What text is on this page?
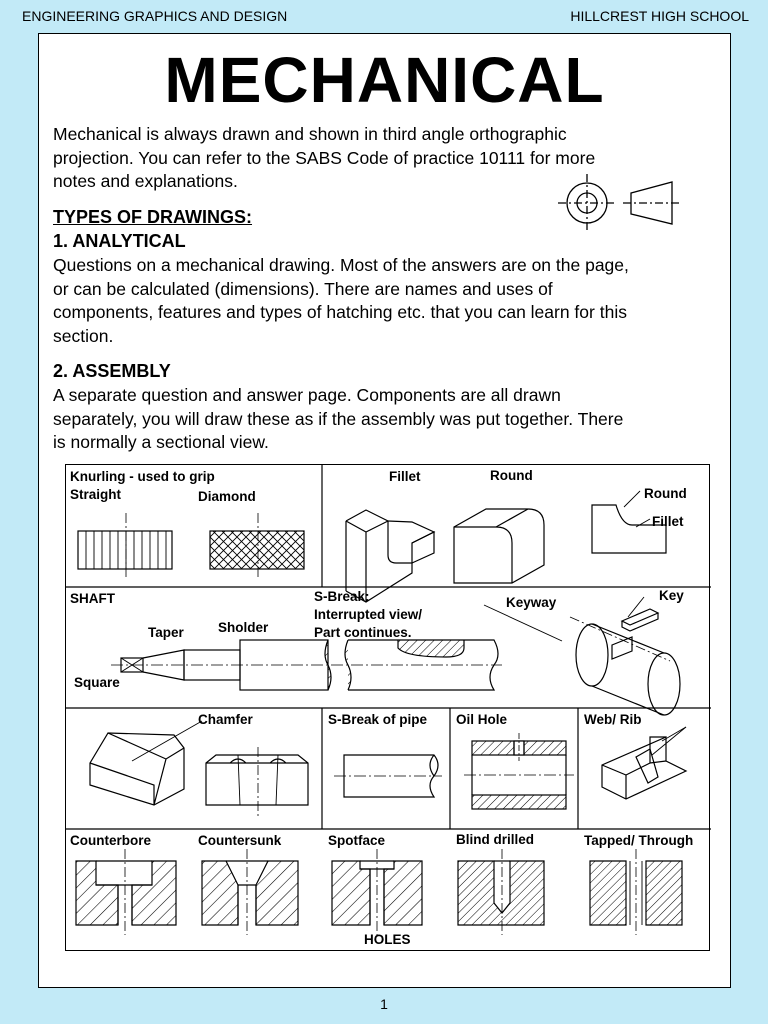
ENGINEERING GRAPHICS AND DESIGN	HILLCREST HIGH SCHOOL
MECHANICAL
Mechanical is always drawn and shown in third angle orthographic
projection. You can refer to the SABS Code of practice 10111 for more
notes and explanations.
TYPES OF DRAWINGS:
1. ANALYTICAL
Questions on a mechanical drawing. Most of the answers are on the page,
or can be calculated (dimensions). There are names and uses of
components, features and types of hatching etc. that you can learn for this
section.
2. ASSEMBLY
A separate question and answer page. Components are all drawn
separately, you will draw these as if the assembly was put together. There
is normally a sectional view.
Knurling - used to grip
Straight	Diamond
Fillet	Round
Round
Fillet
SHAFT
Taper	Sholder
Square
S-Break:
Interrupted view/
Part continues.
Keyway	Key
Chamfer	S-Break of pipe Oil Hole	Web/ Rib
Counterbore	Countersunk	Spotface	Blind drilled	Tapped/ Through
HOLES
1
